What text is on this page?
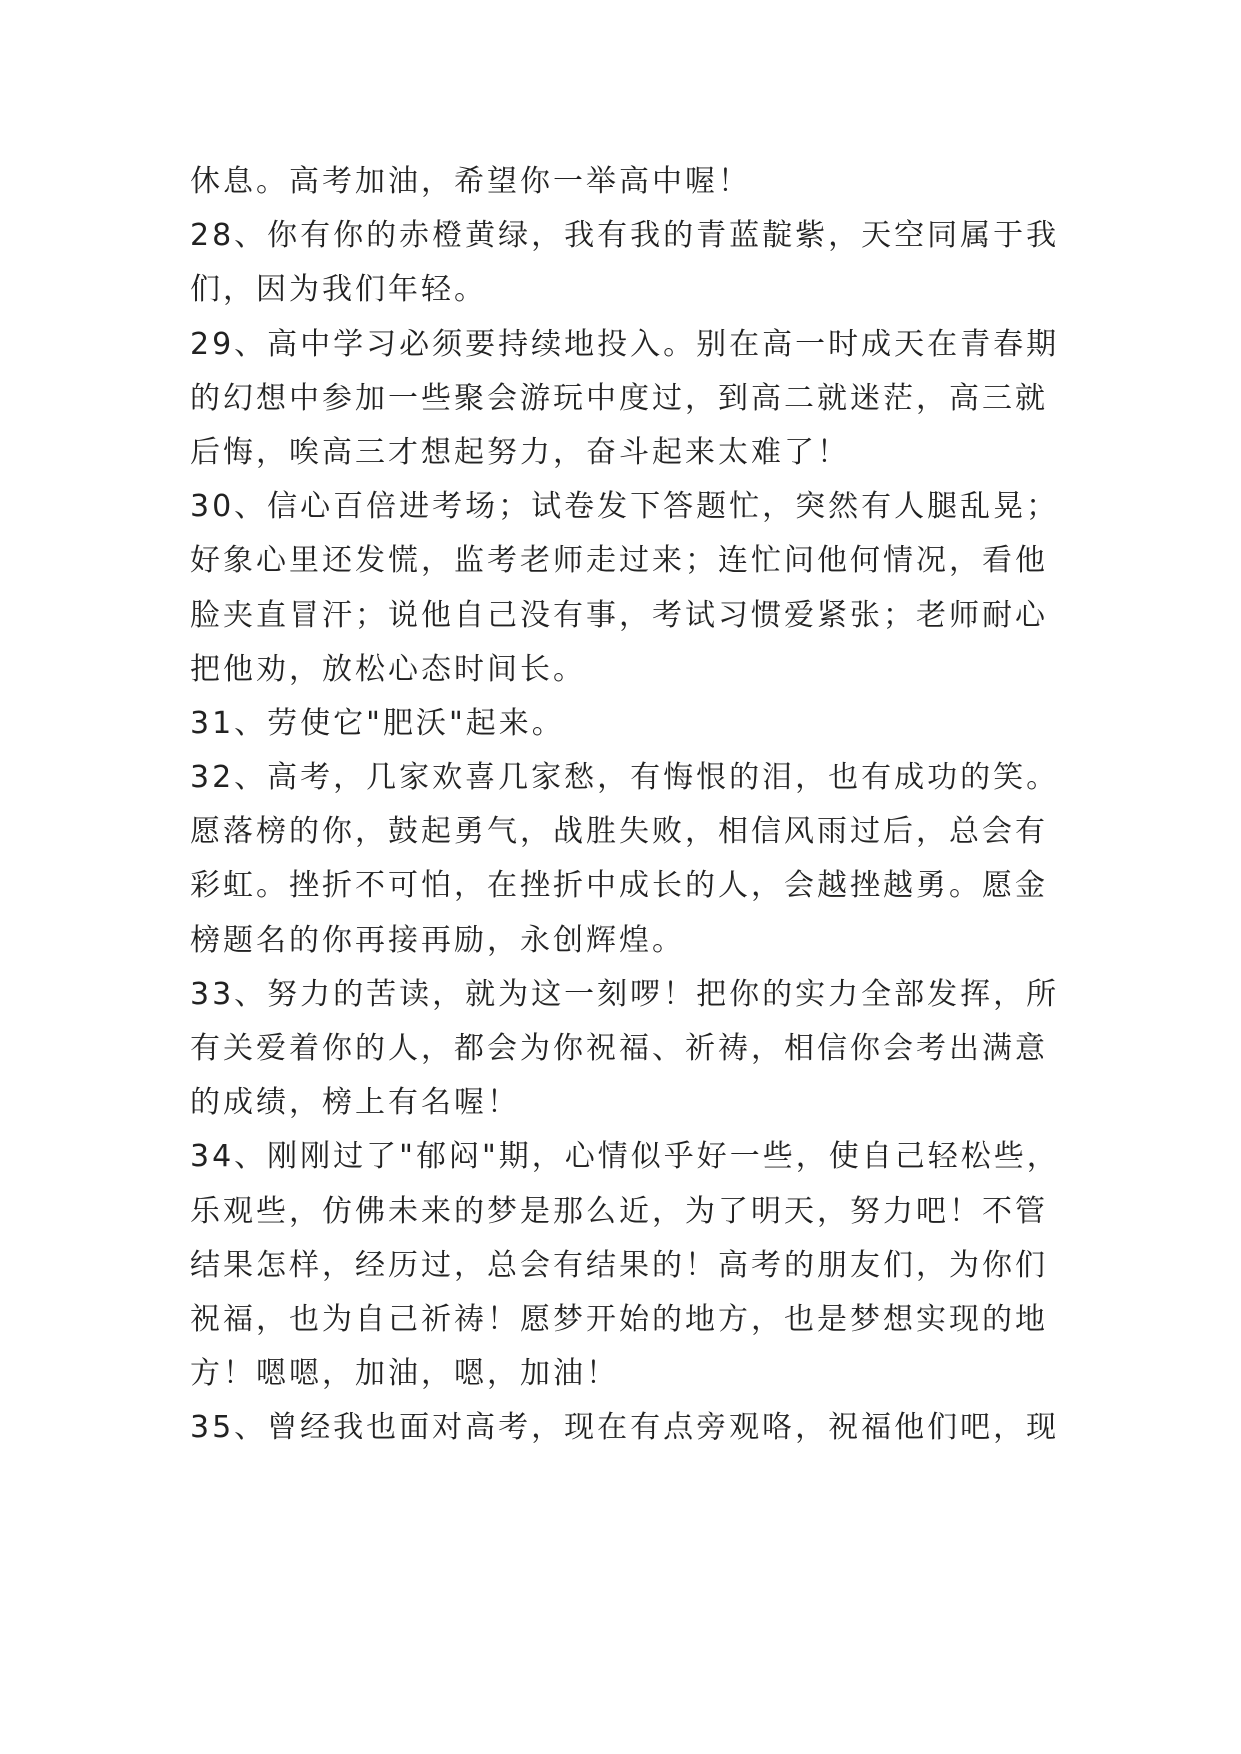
休息。高考加油，希望你一举高中喔！
28、你有你的赤橙黄绿，我有我的青蓝靛紫，天空同属于我
们，因为我们年轻。
29、高中学习必须要持续地投入。别在高一时成天在青春期
的幻想中参加一些聚会游玩中度过，到高二就迷茫，高三就
后悔，唉高三才想起努力，奋斗起来太难了！
30、信心百倍进考场；试卷发下答题忙，突然有人腿乱晃；
好象心里还发慌，监考老师走过来；连忙问他何情况，看他
脸夹直冒汗；说他自己没有事，考试习惯爱紧张；老师耐心
把他劝，放松心态时间长。
31、劳使它"肥沃"起来。
32、高考，几家欢喜几家愁，有悔恨的泪，也有成功的笑。
愿落榜的你，鼓起勇气，战胜失败，相信风雨过后，总会有
彩虹。挫折不可怕，在挫折中成长的人，会越挫越勇。愿金
榜题名的你再接再励，永创辉煌。
33、努力的苦读，就为这一刻啰！把你的实力全部发挥，所
有关爱着你的人，都会为你祝福、祈祷，相信你会考出满意
的成绩，榜上有名喔！
34、刚刚过了"郁闷"期，心情似乎好一些，使自己轻松些，
乐观些，仿佛未来的梦是那么近，为了明天，努力吧！不管
结果怎样，经历过，总会有结果的！高考的朋友们，为你们
祝福，也为自己祈祷！愿梦开始的地方，也是梦想实现的地
方！嗯嗯，加油，嗯，加油！
35、曾经我也面对高考，现在有点旁观咯，祝福他们吧，现
